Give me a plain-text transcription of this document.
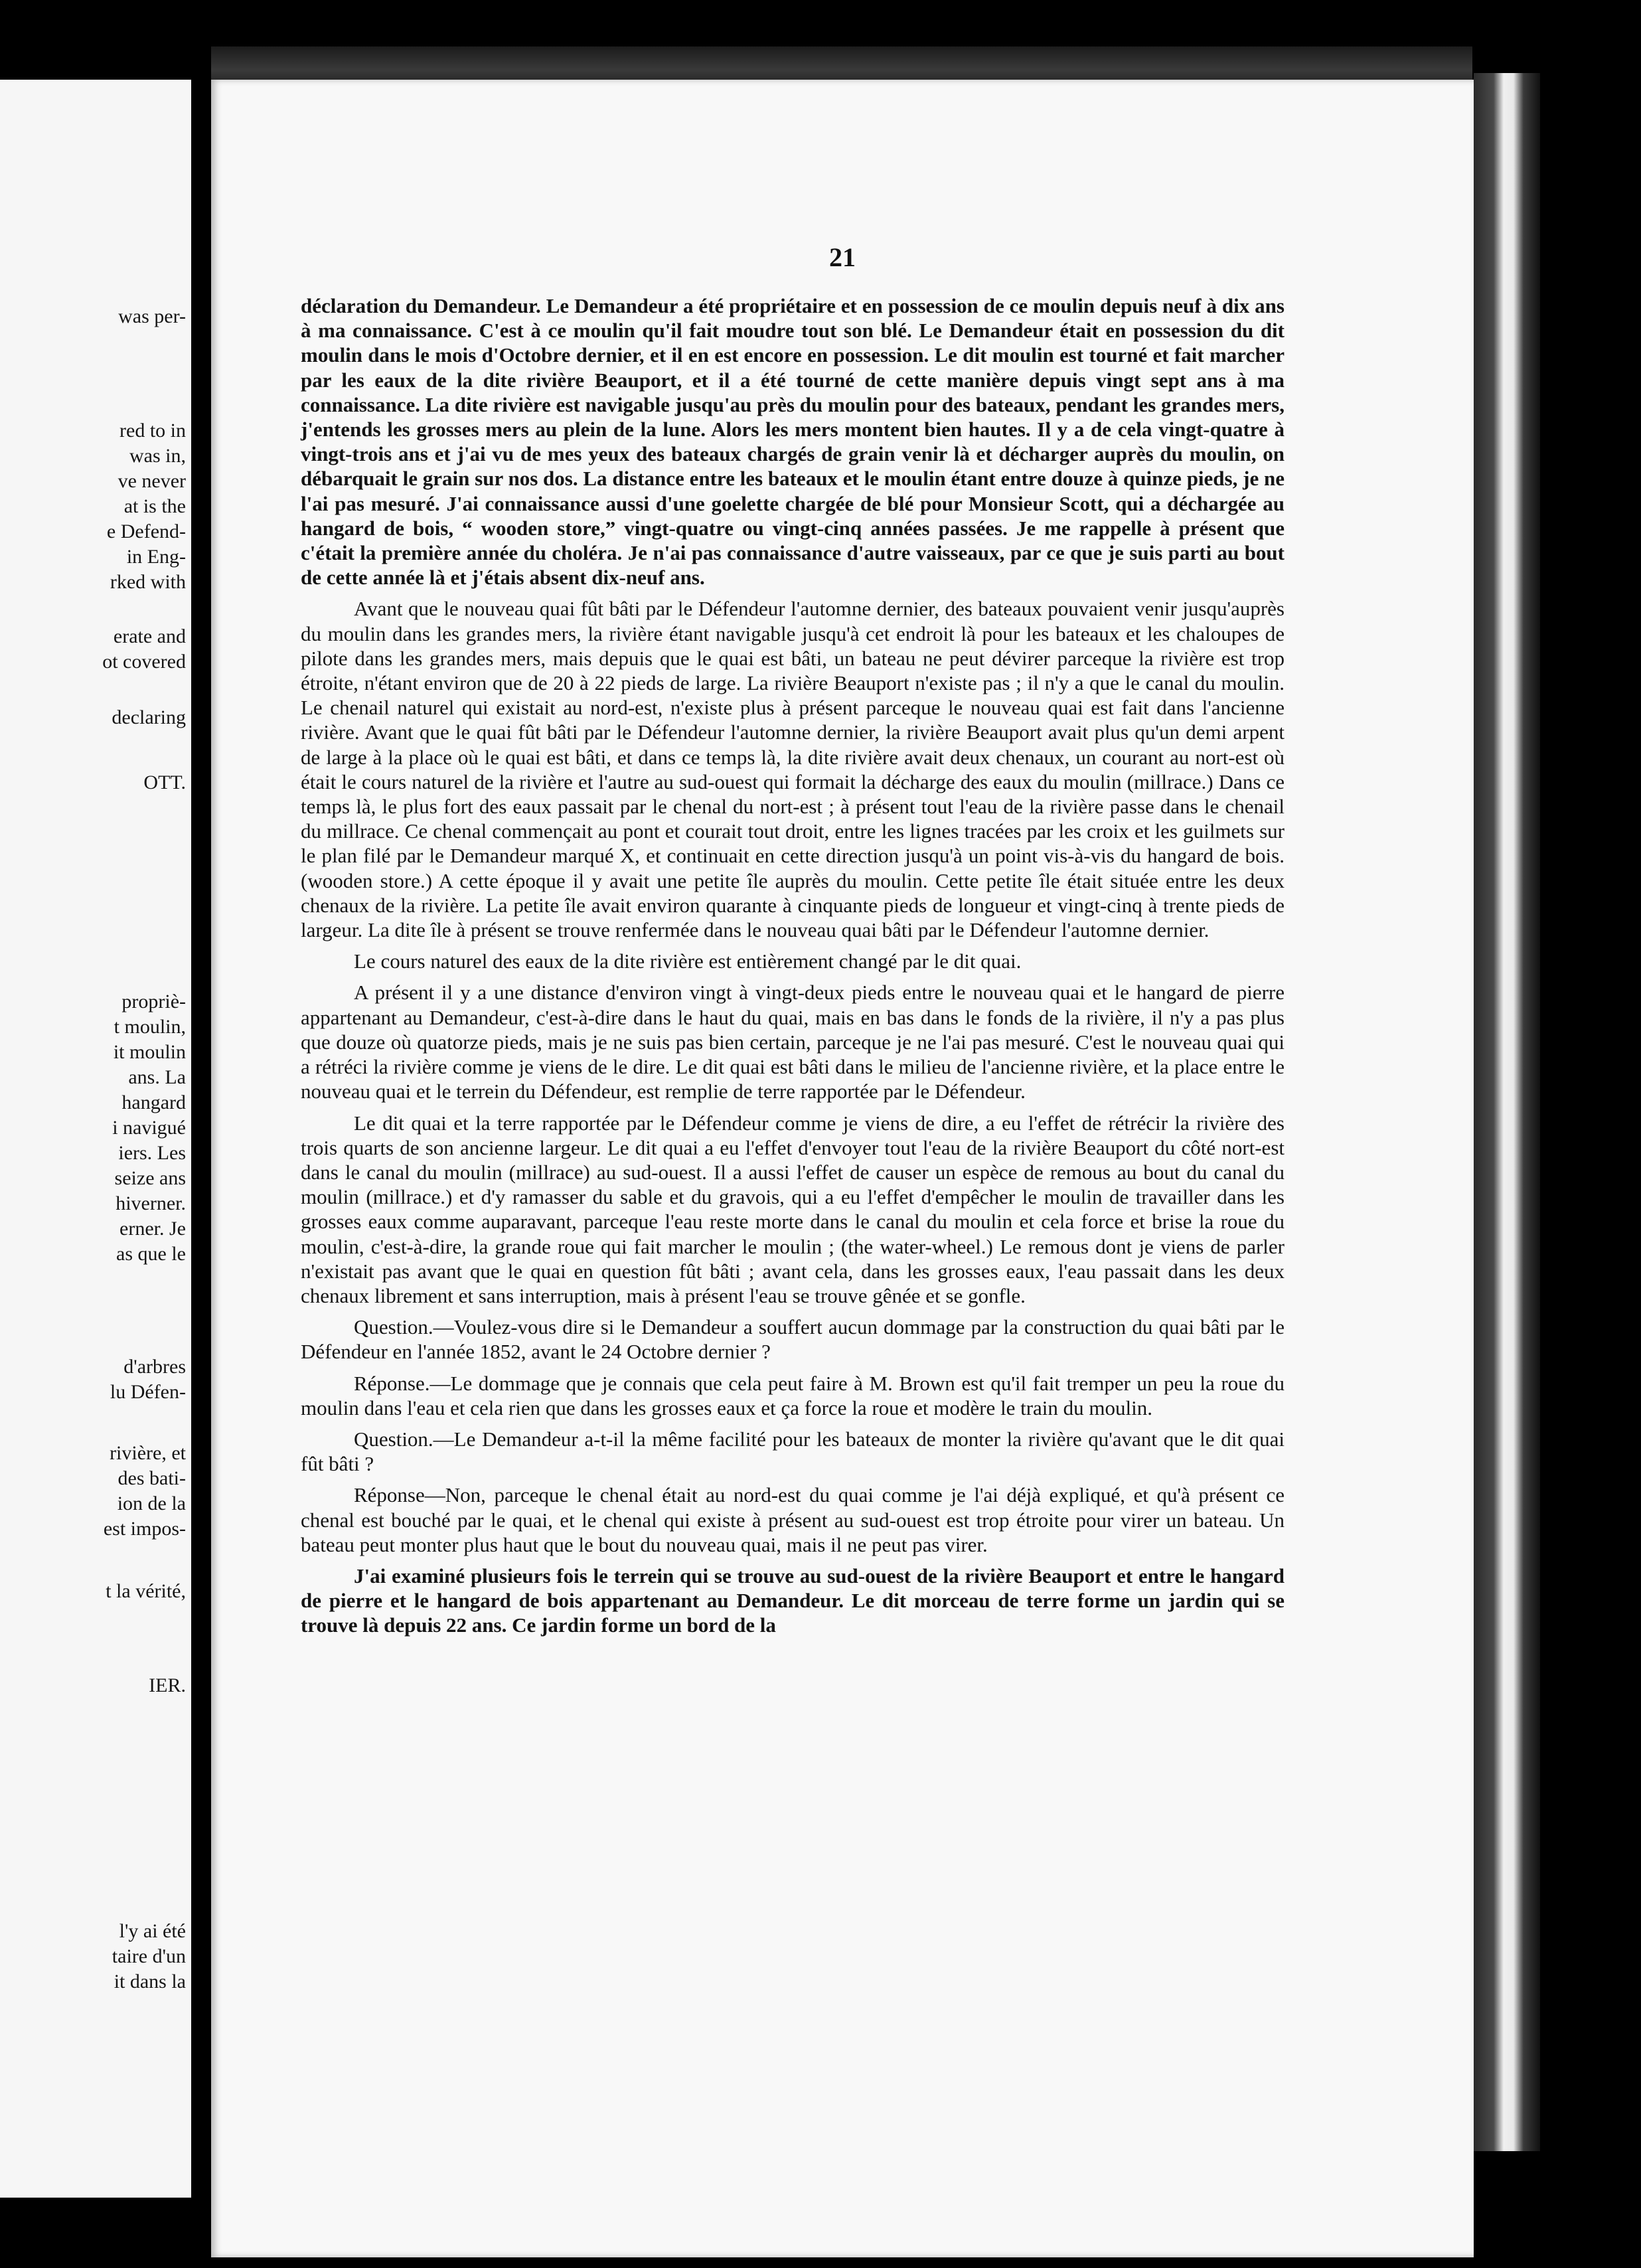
was per-
red to in
was in,
ve never
at is the
e Defend-
in Eng-
rked with
erate and
ot covered
declaring
OTT.
propriè-
t moulin,
it moulin
ans. La
hangard
i navigué
iers. Les
seize ans
hiverner.
erner. Je
as que le
d'arbres
lu Défen-
rivière, et
des bati-
ion de la
est impos-
t la vérité,
IER.
l'y ai été
taire d'un
it dans la
21

déclaration du Demandeur. Le Demandeur a été propriétaire et en possession de ce moulin depuis neuf à dix ans à ma connaissance. C'est à ce moulin qu'il fait moudre tout son blé. Le Demandeur était en possession du dit moulin dans le mois d'Octobre dernier, et il en est encore en possession. Le dit moulin est tourné et fait marcher par les eaux de la dite rivière Beauport, et il a été tourné de cette manière depuis vingt sept ans à ma connaissance. La dite rivière est navigable jusqu'au près du moulin pour des bateaux, pendant les grandes mers, j'entends les grosses mers au plein de la lune. Alors les mers montent bien hautes. Il y a de cela vingt-quatre à vingt-trois ans et j'ai vu de mes yeux des bateaux chargés de grain venir là et décharger auprès du moulin, on débarquait le grain sur nos dos. La distance entre les bateaux et le moulin étant entre douze à quinze pieds, je ne l'ai pas mesuré. J'ai connaissance aussi d'une goelette chargée de blé pour Monsieur Scott, qui a déchargée au hangard de bois, “ wooden store,” vingt-quatre ou vingt-cinq années passées. Je me rappelle à présent que c'était la première année du choléra. Je n'ai pas connaissance d'autre vaisseaux, par ce que je suis parti au bout de cette année là et j'étais absent dix-neuf ans.

Avant que le nouveau quai fût bâti par le Défendeur l'automne dernier, des bateaux pouvaient venir jusqu'auprès du moulin dans les grandes mers, la rivière étant navigable jusqu'à cet endroit là pour les bateaux et les chaloupes de pilote dans les grandes mers, mais depuis que le quai est bâti, un bateau ne peut dévirer parceque la rivière est trop étroite, n'étant environ que de 20 à 22 pieds de large. La rivière Beauport n'existe pas ; il n'y a que le canal du moulin. Le chenail naturel qui existait au nord-est, n'existe plus à présent parceque le nouveau quai est fait dans l'ancienne rivière. Avant que le quai fût bâti par le Défendeur l'automne dernier, la rivière Beauport avait plus qu'un demi arpent de large à la place où le quai est bâti, et dans ce temps là, la dite rivière avait deux chenaux, un courant au nort-est où était le cours naturel de la rivière et l'autre au sud-ouest qui formait la décharge des eaux du moulin (millrace.) Dans ce temps là, le plus fort des eaux passait par le chenal du nort-est ; à présent tout l'eau de la rivière passe dans le chenail du millrace. Ce chenal commençait au pont et courait tout droit, entre les lignes tracées par les croix et les guilmets sur le plan filé par le Demandeur marqué X, et continuait en cette direction jusqu'à un point vis-à-vis du hangard de bois. (wooden store.) A cette époque il y avait une petite île auprès du moulin. Cette petite île était située entre les deux chenaux de la rivière. La petite île avait environ quarante à cinquante pieds de longueur et vingt-cinq à trente pieds de largeur. La dite île à présent se trouve renfermée dans le nouveau quai bâti par le Défendeur l'automne dernier.

Le cours naturel des eaux de la dite rivière est entièrement changé par le dit quai.

A présent il y a une distance d'environ vingt à vingt-deux pieds entre le nouveau quai et le hangard de pierre appartenant au Demandeur, c'est-à-dire dans le haut du quai, mais en bas dans le fonds de la rivière, il n'y a pas plus que douze où quatorze pieds, mais je ne suis pas bien certain, parceque je ne l'ai pas mesuré. C'est le nouveau quai qui a rétréci la rivière comme je viens de le dire. Le dit quai est bâti dans le milieu de l'ancienne rivière, et la place entre le nouveau quai et le terrein du Défendeur, est remplie de terre rapportée par le Défendeur.

Le dit quai et la terre rapportée par le Défendeur comme je viens de dire, a eu l'effet de rétrécir la rivière des trois quarts de son ancienne largeur. Le dit quai a eu l'effet d'envoyer tout l'eau de la rivière Beauport du côté nort-est dans le canal du moulin (millrace) au sud-ouest. Il a aussi l'effet de causer un espèce de remous au bout du canal du moulin (millrace.) et d'y ramasser du sable et du gravois, qui a eu l'effet d'empêcher le moulin de travailler dans les grosses eaux comme auparavant, parceque l'eau reste morte dans le canal du moulin et cela force et brise la roue du moulin, c'est-à-dire, la grande roue qui fait marcher le moulin ; (the water-wheel.) Le remous dont je viens de parler n'existait pas avant que le quai en question fût bâti ; avant cela, dans les grosses eaux, l'eau passait dans les deux chenaux librement et sans interruption, mais à présent l'eau se trouve gênée et se gonfle.

Question.—Voulez-vous dire si le Demandeur a souffert aucun dommage par la construction du quai bâti par le Défendeur en l'année 1852, avant le 24 Octobre dernier ?

Réponse.—Le dommage que je connais que cela peut faire à M. Brown est qu'il fait tremper un peu la roue du moulin dans l'eau et cela rien que dans les grosses eaux et ça force la roue et modère le train du moulin.

Question.—Le Demandeur a-t-il la même facilité pour les bateaux de monter la rivière qu'avant que le dit quai fût bâti ?

Réponse—Non, parceque le chenal était au nord-est du quai comme je l'ai déjà expliqué, et qu'à présent ce chenal est bouché par le quai, et le chenal qui existe à présent au sud-ouest est trop étroite pour virer un bateau. Un bateau peut monter plus haut que le bout du nouveau quai, mais il ne peut pas virer.

J'ai examiné plusieurs fois le terrein qui se trouve au sud-ouest de la rivière Beauport et entre le hangard de pierre et le hangard de bois appartenant au Demandeur. Le dit morceau de terre forme un jardin qui se trouve là depuis 22 ans. Ce jardin forme un bord de la
